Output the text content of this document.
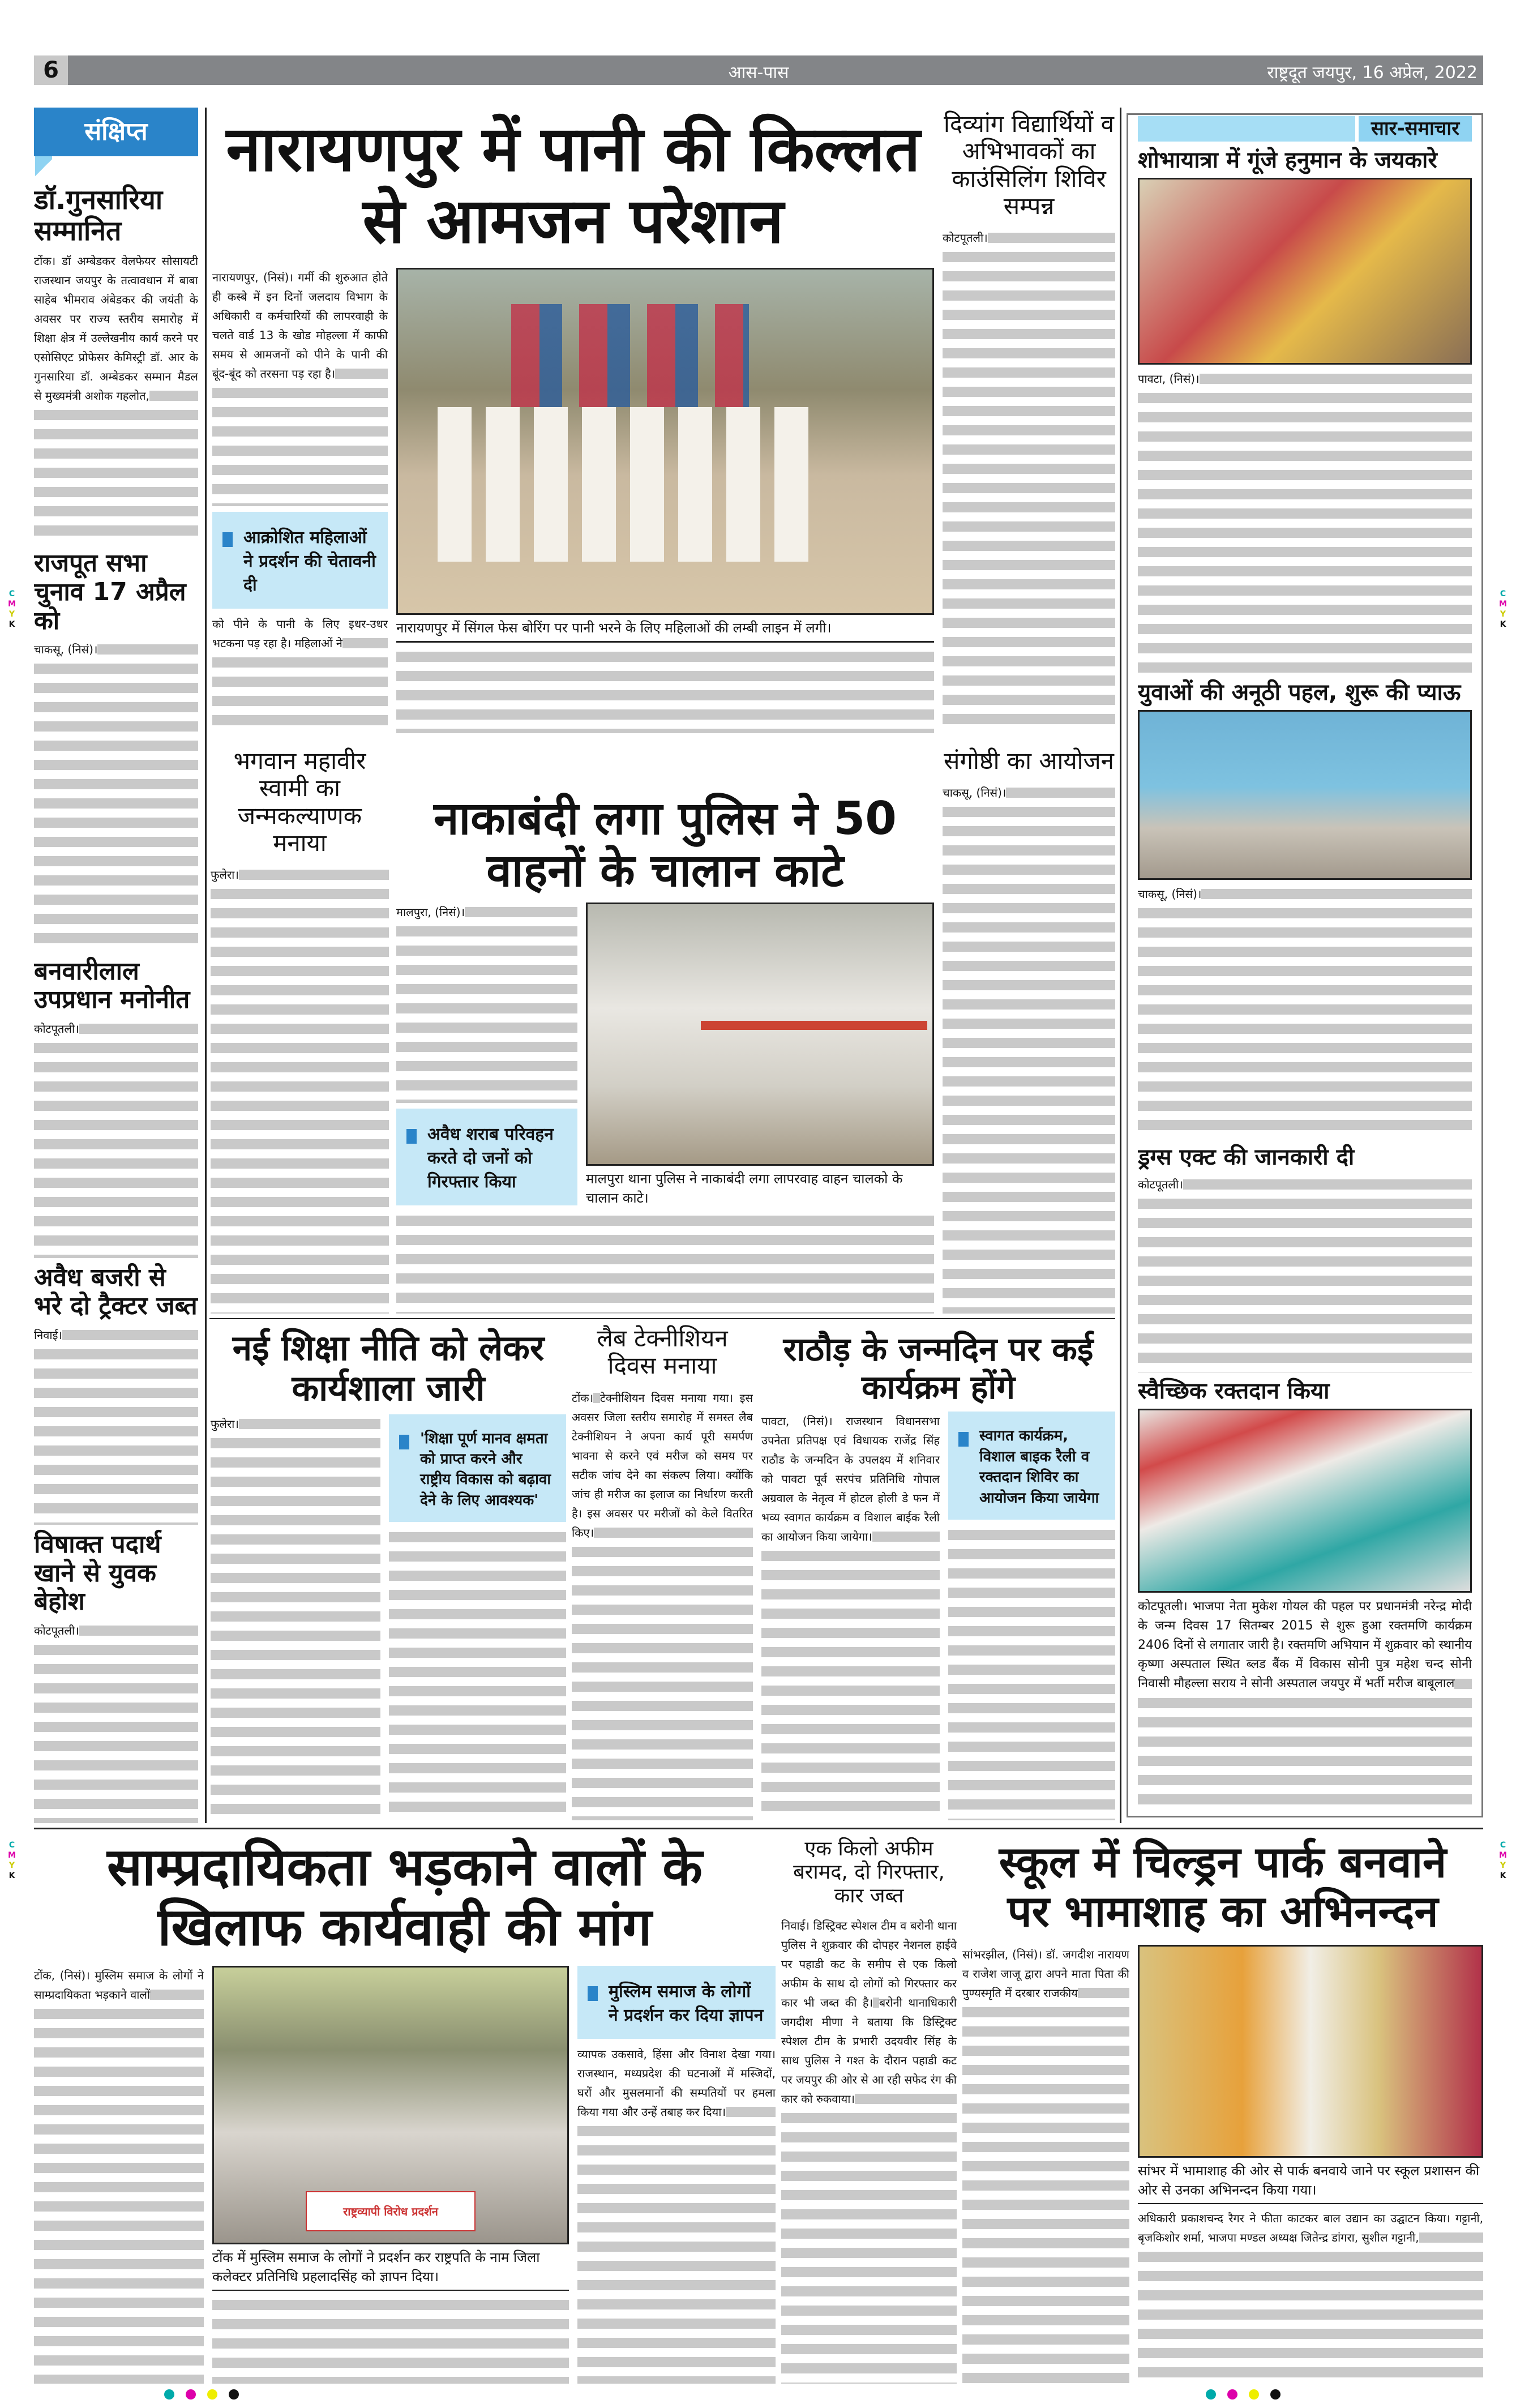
आस-पास	राष्ट्रदूत जयपुर, 16 अप्रेल, 2022
6
C
M
Y
K
C
M
Y
K
C
M
Y
K
C
M
Y
K
संक्षिप्त
डॉ.गुनसारिया सम्मानित
टोंक। डॉ अम्बेडकर वेलफेयर सोसायटी राजस्थान जयपुर के तत्वावधान में बाबा साहेब भीमराव अंबेडकर की जयंती के अवसर पर राज्य स्तरीय समारोह में शिक्षा क्षेत्र में उल्लेखनीय कार्य करने पर एसोसिएट प्रोफेसर केमिस्ट्री डॉ. आर के गुनसारिया डॉ. अम्बेडकर सम्मान मैडल से मुख्यमंत्री अशोक गहलोत,
राजपूत सभा चुनाव 17 अप्रैल को
चाकसू, (निसं)।
बनवारीलाल उपप्रधान मनोनीत
कोटपूतली।
अवैध बजरी से भरे दो ट्रैक्टर जब्त
निवाई।
विषाक्त पदार्थ खाने से युवक बेहोश
कोटपूतली।
नारायणपुर में पानी की किल्लत
से आमजन परेशान
नारायणपुर, (निसं)। गर्मी की शुरुआत होते ही कस्बे में इन दिनों जलदाय विभाग के अधिकारी व कर्मचारियों की लापरवाही के चलते वार्ड 13 के खोड मोहल्ला में काफी समय से आमजनों को पीने के पानी की बूंद-बूंद को तरसना पड़ रहा है।
आक्रोशित महिलाओं ने प्रदर्शन की चेतावनी दी
को पीने के पानी के लिए इधर-उधर भटकना पड़ रहा है। महिलाओं ने
नारायणपुर में सिंगल फेस बोरिंग पर पानी भरने के लिए महिलाओं की लम्बी लाइन में लगी।
दिव्यांग विद्यार्थियों व अभिभावकों का काउंसिलिंग शिविर सम्पन्न
कोटपूतली।
सार-समाचार
शोभायात्रा में गूंजे हनुमान के जयकारे
पावटा, (निसं)।
युवाओं की अनूठी पहल, शुरू की प्याऊ
चाकसू, (निसं)।
ड्रग्स एक्ट की जानकारी दी
कोटपूतली।
स्वैच्छिक रक्तदान किया
कोटपूतली। भाजपा नेता मुकेश गोयल की पहल पर प्रधानमंत्री नरेन्द्र मोदी के जन्म दिवस 17 सितम्बर 2015 से शुरू हुआ रक्तमणि कार्यक्रम 2406 दिनों से लगातार जारी है। रक्तमणि अभियान में शुक्रवार को स्थानीय कृष्णा अस्पताल स्थित ब्लड बैंक में विकास सोनी पुत्र महेश चन्द सोनी निवासी मौहल्ला सराय ने सोनी अस्पताल जयपुर में भर्ती मरीज बाबूलाल
भगवान महावीर स्वामी का जन्मकल्याणक मनाया
फुलेरा।
नाकाबंदी लगा पुलिस ने 50 वाहनों के चालान काटे
मालपुरा, (निसं)।
अवैध शराब परिवहन करते दो जनों को गिरफ्तार किया	मालपुरा थाना पुलिस ने नाकाबंदी लगा लापरवाह वाहन चालको के चालान काटे।
संगोष्ठी का आयोजन
चाकसू, (निसं)।
नई शिक्षा नीति को लेकर कार्यशाला जारी
फुलेरा।
'शिक्षा पूर्ण मानव क्षमता को प्राप्त करने और राष्ट्रीय विकास को बढ़ावा देने के लिए आवश्यक'
लैब टेक्नीशियन दिवस मनाया
टोंक। टेक्नीशियन दिवस मनाया गया। इस अवसर जिला स्तरीय समारोह में समस्त लैब टेक्नीशियन ने अपना कार्य पूरी समर्पण भावना से करने एवं मरीज को समय पर सटीक जांच देने का संकल्प लिया। क्योंकि जांच ही मरीज का इलाज का निर्धारण करती है। इस अवसर पर मरीजों को केले वितरित किए।
राठौड़ के जन्मदिन पर कई कार्यक्रम होंगे
पावटा, (निसं)। राजस्थान विधानसभा उपनेता प्रतिपक्ष एवं विधायक राजेंद्र सिंह राठौड के जन्मदिन के उपलक्ष्य में शनिवार को पावटा पूर्व सरपंच प्रतिनिधि गोपाल अग्रवाल के नेतृत्व में होटल होली डे फन में भव्य स्वागत कार्यक्रम व विशाल बाईक रैली का आयोजन किया जायेगा।
स्वागत कार्यक्रम, विशाल बाइक रैली व रक्तदान शिविर का आयोजन किया जायेगा
साम्प्रदायिकता भड़काने वालों के
खिलाफ कार्यवाही की मांग
टोंक, (निसं)। मुस्लिम समाज के लोगों ने साम्प्रदायिकता भड़काने वालों
राष्ट्रव्यापी विरोध प्रदर्शन
टोंक में मुस्लिम समाज के लोगों ने प्रदर्शन कर राष्ट्रपति के नाम जिला कलेक्टर प्रतिनिधि प्रहलादसिंह को ज्ञापन दिया।
मुस्लिम समाज के लोगों ने प्रदर्शन कर दिया ज्ञापन
व्यापक उकसावे, हिंसा और विनाश देखा गया। राजस्थान, मध्यप्रदेश की घटनाओं में मस्जिदों, घरों और मुसलमानों की सम्पतियों पर हमला किया गया और उन्हें तबाह कर दिया।
एक किलो अफीम बरामद, दो गिरफ्तार, कार जब्त
निवाई। डिस्ट्रिक्ट स्पेशल टीम व बरोनी थाना पुलिस ने शुक्रवार की दोपहर नेशनल हाईवे पर पहाडी कट के समीप से एक किलो अफीम के साथ दो लोगों को गिरफ्तार कर कार भी जब्त की है। बरोनी थानाधिकारी जगदीश मीणा ने बताया कि डिस्ट्रिक्ट स्पेशल टीम के प्रभारी उदयवीर सिंह के साथ पुलिस ने गश्त के दौरान पहाडी कट पर जयपुर की ओर से आ रही सफेद रंग की कार को रुकवाया।
स्कूल में चिल्ड्रन पार्क बनवाने
पर भामाशाह का अभिनन्दन
सांभरझील, (निसं)। डॉ. जगदीश नारायण व राजेश जाजू द्वारा अपने माता पिता की पुण्यस्मृति में दरबार राजकीय
सांभर में भामाशाह की ओर से पार्क बनवाये जाने पर स्कूल प्रशासन की ओर से उनका अभिनन्दन किया गया।
अधिकारी प्रकाशचन्द रैगर ने फीता काटकर बाल उद्यान का उद्घाटन किया। गट्टानी, बृजकिशोर शर्मा, भाजपा मण्डल अध्यक्ष जितेन्द्र डांगरा, सुशील गट्टानी,
